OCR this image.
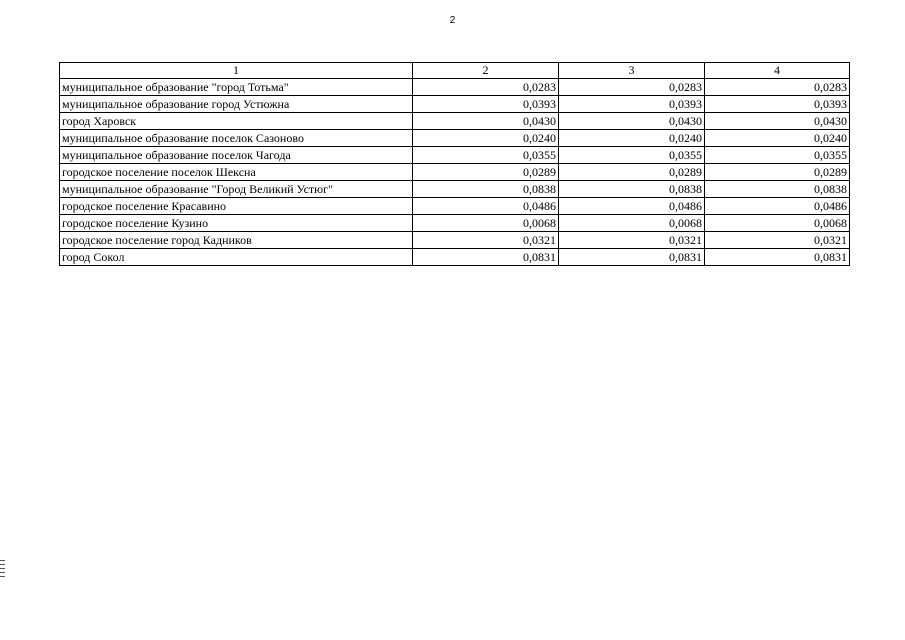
2
1	2	3	4
муниципальное образование "город Тотьма"	0,0283	0,0283	0,0283
муниципальное образование город Устюжна	0,0393	0,0393	0,0393
город Харовск	0,0430	0,0430	0,0430
муниципальное образование поселок Сазоново	0,0240	0,0240	0,0240
муниципальное образование поселок Чагода	0,0355	0,0355	0,0355
городское поселение поселок Шексна	0,0289	0,0289	0,0289
муниципальное образование "Город Великий Устюг"	0,0838	0,0838	0,0838
городское поселение Красавино	0,0486	0,0486	0,0486
городское поселение Кузино	0,0068	0,0068	0,0068
городское поселение город Кадников	0,0321	0,0321	0,0321
город Сокол	0,0831	0,0831	0,0831
